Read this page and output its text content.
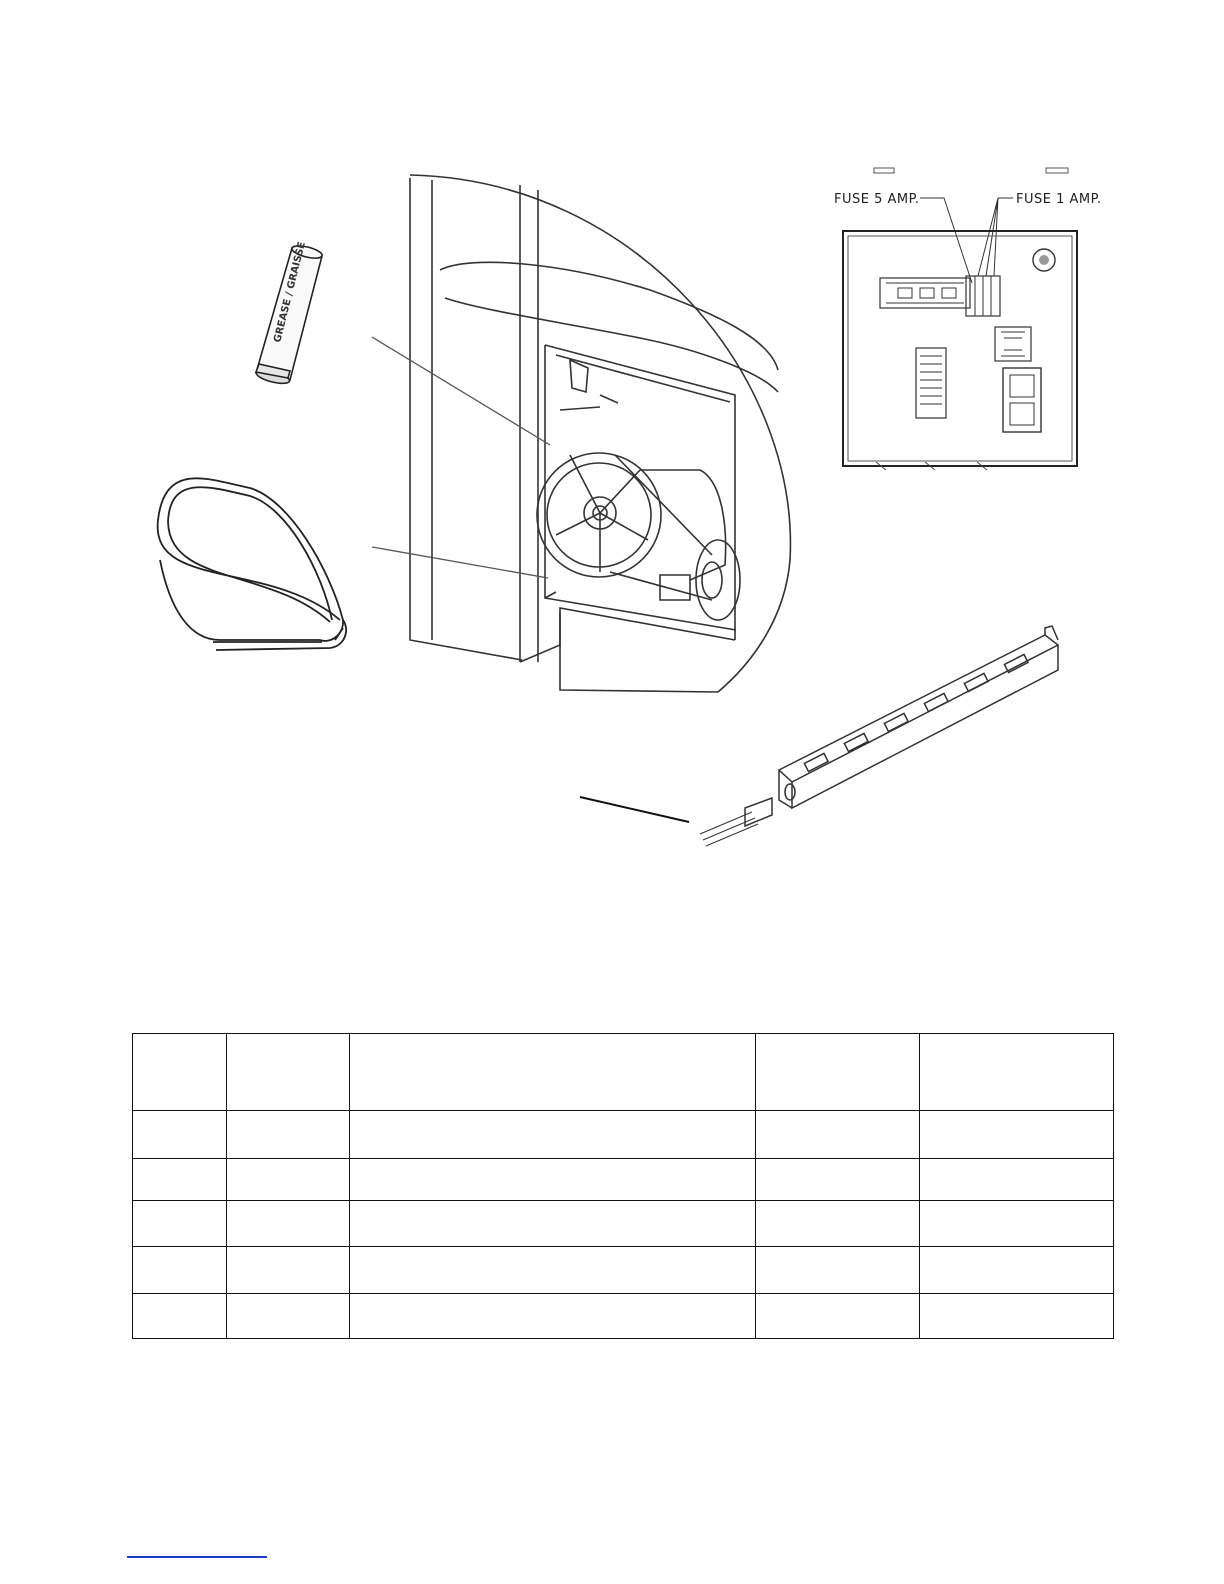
GREASE / GRAISSE
FUSE 5 AMP.	FUSE 1 AMP.
